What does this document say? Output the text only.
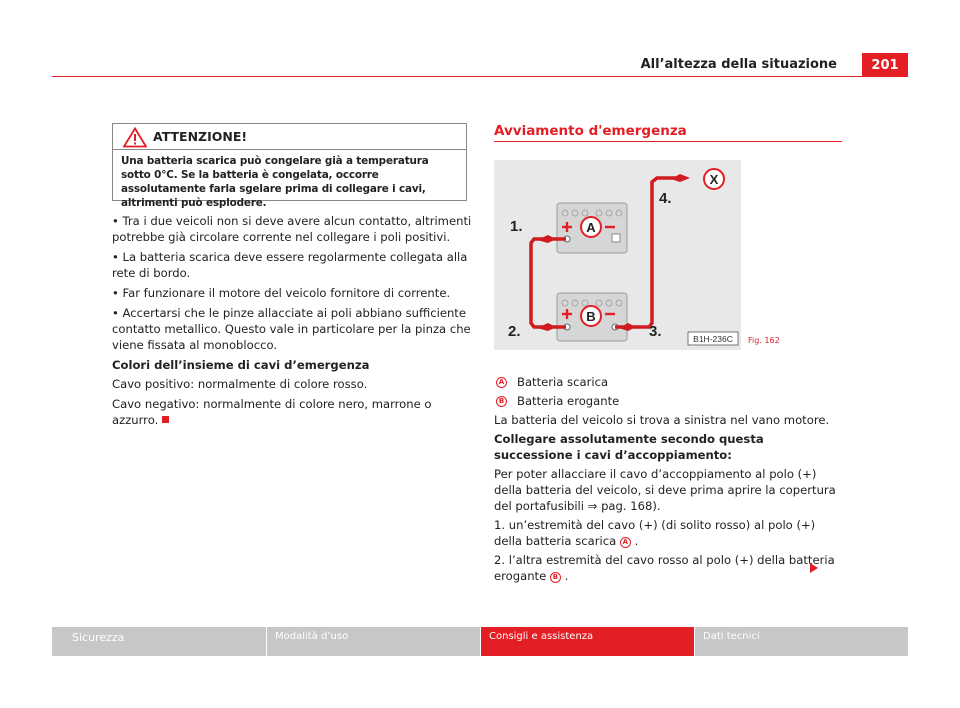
All’altezza della situazione	201
ATTENZIONE!
Una batteria scarica può congelare già a temperatura sotto 0°C. Se la batteria è congelata, occorre assolutamente farla sgelare prima di collegare i cavi, altrimenti può esplodere.

• Tra i due veicoli non si deve avere alcun contatto, altrimenti potrebbe già circolare corrente nel collegare i poli positivi.

• La batteria scarica deve essere regolarmente collegata alla rete di bordo.

• Far funzionare il motore del veicolo fornitore di corrente.

• Accertarsi che le pinze allacciate ai poli abbiano sufficiente contatto metallico. Questo vale in particolare per la pinza che viene fissata al monoblocco.

Colori dell’insieme di cavi d’emergenza

Cavo positivo: normalmente di colore rosso.

Cavo negativo: normalmente di colore nero, marrone o azzurro.

Avviamento d'emergenza
1.
2.	3.
4.
A
B
X
B1H-236C Fig. 162

A Batteria scarica

B Batteria erogante

La batteria del veicolo si trova a sinistra nel vano motore.

Collegare assolutamente secondo questa successione i cavi d’accoppiamento:

Per poter allacciare il cavo d’accoppiamento al polo (+) della batteria del veicolo, si deve prima aprire la copertura del portafusibili ⇒ pag. 168).

1. un’estremità del cavo (+) (di solito rosso) al polo (+) della batteria scarica A .

2. l’altra estremità del cavo rosso al polo (+) della batteria erogante B .

Sicurezza	Modalità d’uso	Consigli e assistenza	Dati tecnici
